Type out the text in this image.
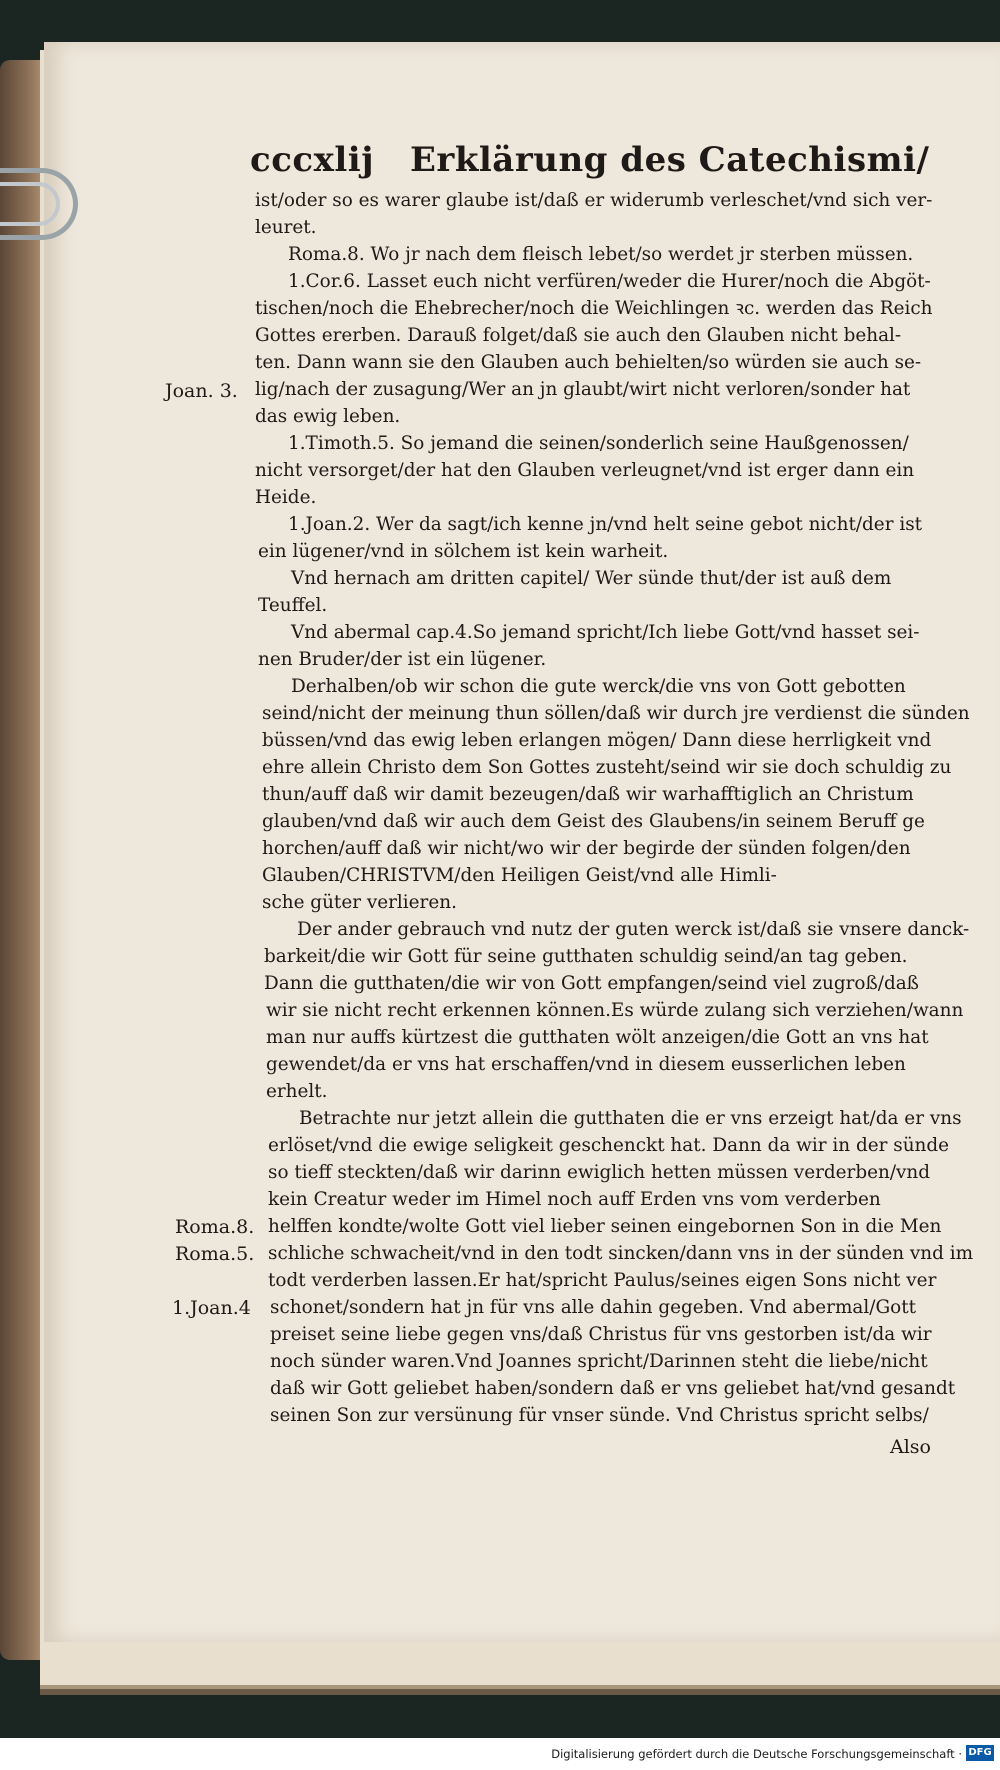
cccxlij Erklärung des Catechismi/
ist/oder so es warer glaube ist/daß er widerumb verleschet/vnd sich ver-
leuret.
Roma.8. Wo jr nach dem fleisch lebet/so werdet jr sterben müssen.
1.Cor.6. Lasset euch nicht verfüren/weder die Hurer/noch die Abgöt-
tischen/noch die Ehebrecher/noch die Weichlingen ꝛc. werden das Reich
Gottes ererben. Darauß folget/daß sie auch den Glauben nicht behal-
ten. Dann wann sie den Glauben auch behielten/so würden sie auch se-
lig/nach der zusagung/Wer an jn glaubt/wirt nicht verloren/sonder hat
das ewig leben.
1.Timoth.5. So jemand die seinen/sonderlich seine Haußgenossen/
nicht versorget/der hat den Glauben verleugnet/vnd ist erger dann ein
Heide.
1.Joan.2. Wer da sagt/ich kenne jn/vnd helt seine gebot nicht/der ist
ein lügener/vnd in sölchem ist kein warheit.
Vnd hernach am dritten capitel/ Wer sünde thut/der ist auß dem
Teuffel.
Vnd abermal cap.4.So jemand spricht/Ich liebe Gott/vnd hasset sei-
nen Bruder/der ist ein lügener.
Derhalben/ob wir schon die gute werck/die vns von Gott gebotten
seind/nicht der meinung thun söllen/daß wir durch jre verdienst die sünden
büssen/vnd das ewig leben erlangen mögen/ Dann diese herrligkeit vnd
ehre allein Christo dem Son Gottes zusteht/seind wir sie doch schuldig zu
thun/auff daß wir damit bezeugen/daß wir warhafftiglich an Christum
glauben/vnd daß wir auch dem Geist des Glaubens/in seinem Beruff ge
horchen/auff daß wir nicht/wo wir der begirde der sünden folgen/den
Glauben/CHRISTVM/den Heiligen Geist/vnd alle Himli-
sche güter verlieren.
Der ander gebrauch vnd nutz der guten werck ist/daß sie vnsere danck-
barkeit/die wir Gott für seine gutthaten schuldig seind/an tag geben.
Dann die gutthaten/die wir von Gott empfangen/seind viel zugroß/daß
wir sie nicht recht erkennen können.Es würde zulang sich verziehen/wann
man nur auffs kürtzest die gutthaten wölt anzeigen/die Gott an vns hat
gewendet/da er vns hat erschaffen/vnd in diesem eusserlichen leben
erhelt.
Betrachte nur jetzt allein die gutthaten die er vns erzeigt hat/da er vns
erlöset/vnd die ewige seligkeit geschenckt hat. Dann da wir in der sünde
so tieff steckten/daß wir darinn ewiglich hetten müssen verderben/vnd
kein Creatur weder im Himel noch auff Erden vns vom verderben
helffen kondte/wolte Gott viel lieber seinen eingebornen Son in die Men
schliche schwacheit/vnd in den todt sincken/dann vns in der sünden vnd im
todt verderben lassen.Er hat/spricht Paulus/seines eigen Sons nicht ver
schonet/sondern hat jn für vns alle dahin gegeben. Vnd abermal/Gott
preiset seine liebe gegen vns/daß Christus für vns gestorben ist/da wir
noch sünder waren.Vnd Joannes spricht/Darinnen steht die liebe/nicht
daß wir Gott geliebet haben/sondern daß er vns geliebet hat/vnd gesandt
seinen Son zur versünung für vnser sünde. Vnd Christus spricht selbs/
Also
Joan. 3.
Roma.8.
Roma.5.
1.Joan.4
Digitalisierung gefördert durch die Deutsche Forschungsgemeinschaft · DFG
